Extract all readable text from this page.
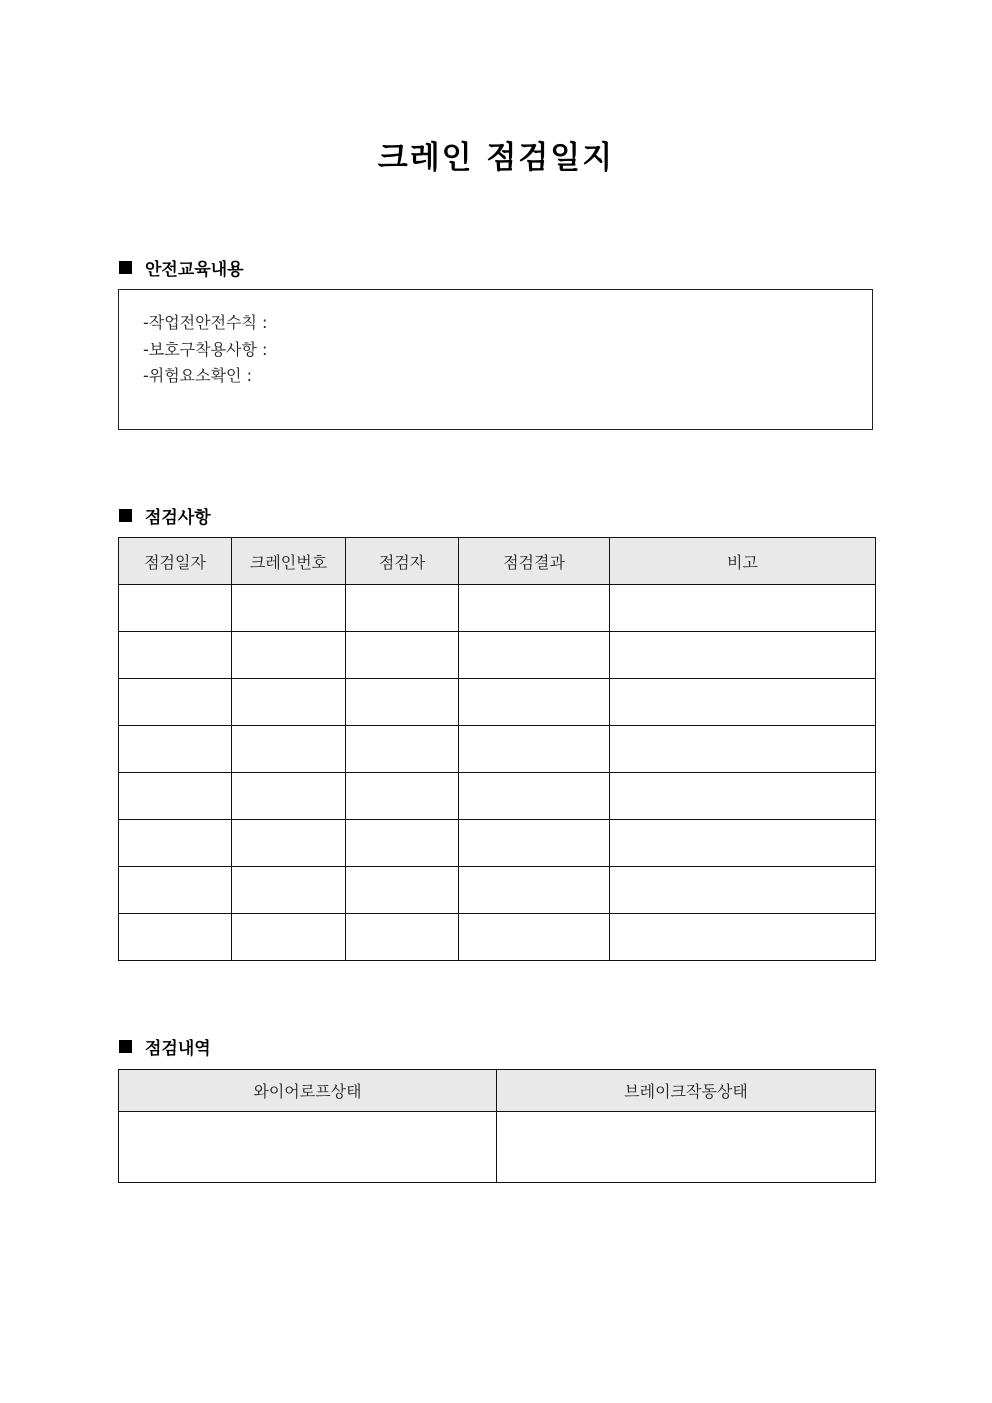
크레인 점검일지
안전교육내용
-작업전안전수칙 :
-보호구착용사항 :
-위험요소확인 :
점검사항
점검일자	크레인번호	점검자	점검결과	비고

점검내역
와이어로프상태	브레이크작동상태
